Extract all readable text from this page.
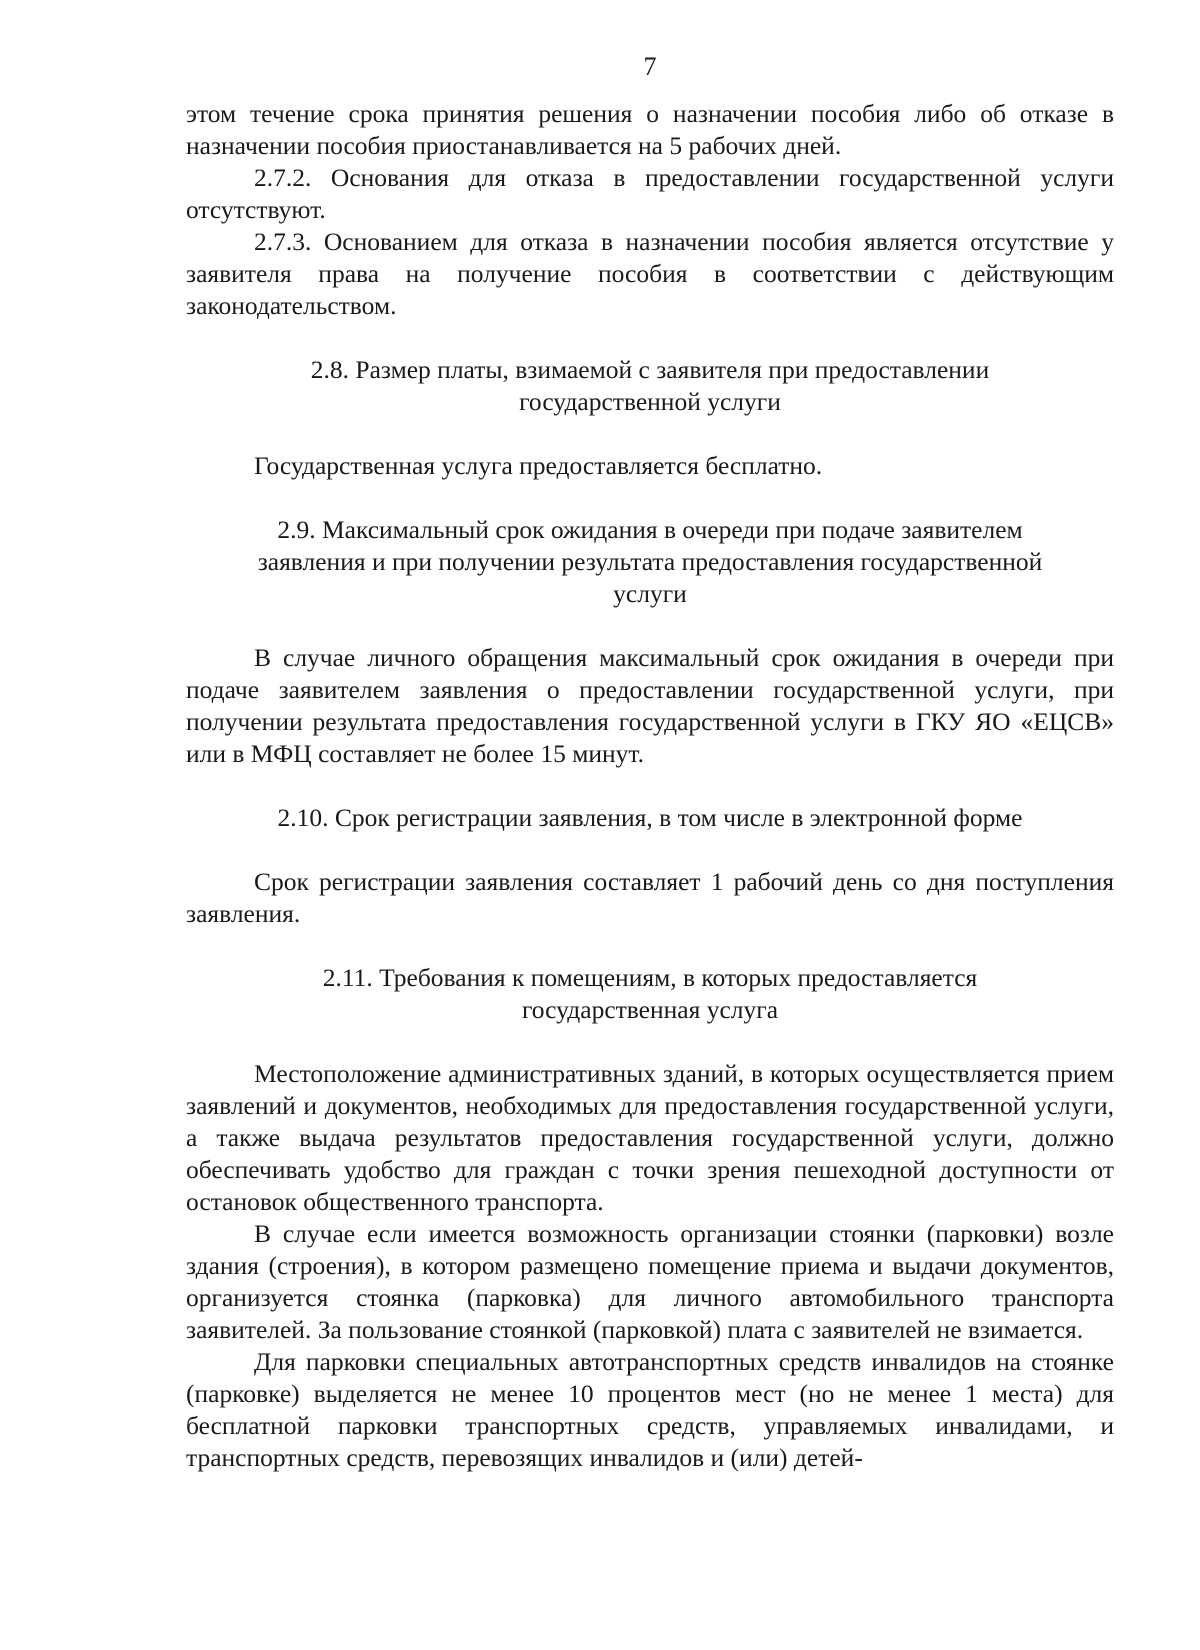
7

этом течение срока принятия решения о назначении пособия либо об отказе в назначении пособия приостанавливается на 5 рабочих дней.

2.7.2. Основания для отказа в предоставлении государственной услуги отсутствуют.

2.7.3. Основанием для отказа в назначении пособия является отсутствие у заявителя права на получение пособия в соответствии с действующим законодательством.

2.8. Размер платы, взимаемой с заявителя при предоставлении государственной услуги

Государственная услуга предоставляется бесплатно.

2.9. Максимальный срок ожидания в очереди при подаче заявителем заявления и при получении результата предоставления государственной услуги

В случае личного обращения максимальный срок ожидания в очереди при подаче заявителем заявления о предоставлении государственной услуги, при получении результата предоставления государственной услуги в ГКУ ЯО «ЕЦСВ» или в МФЦ составляет не более 15 минут.

2.10. Срок регистрации заявления, в том числе в электронной форме

Срок регистрации заявления составляет 1 рабочий день со дня поступления заявления.

2.11. Требования к помещениям, в которых предоставляется государственная услуга

Местоположение административных зданий, в которых осуществляется прием заявлений и документов, необходимых для предоставления государственной услуги, а также выдача результатов предоставления государственной услуги, должно обеспечивать удобство для граждан с точки зрения пешеходной доступности от остановок общественного транспорта.

В случае если имеется возможность организации стоянки (парковки) возле здания (строения), в котором размещено помещение приема и выдачи документов, организуется стоянка (парковка) для личного автомобильного транспорта заявителей. За пользование стоянкой (парковкой) плата с заявителей не взимается.

Для парковки специальных автотранспортных средств инвалидов на стоянке (парковке) выделяется не менее 10 процентов мест (но не менее 1 места) для бесплатной парковки транспортных средств, управляемых инвалидами, и транспортных средств, перевозящих инвалидов и (или) детей-
